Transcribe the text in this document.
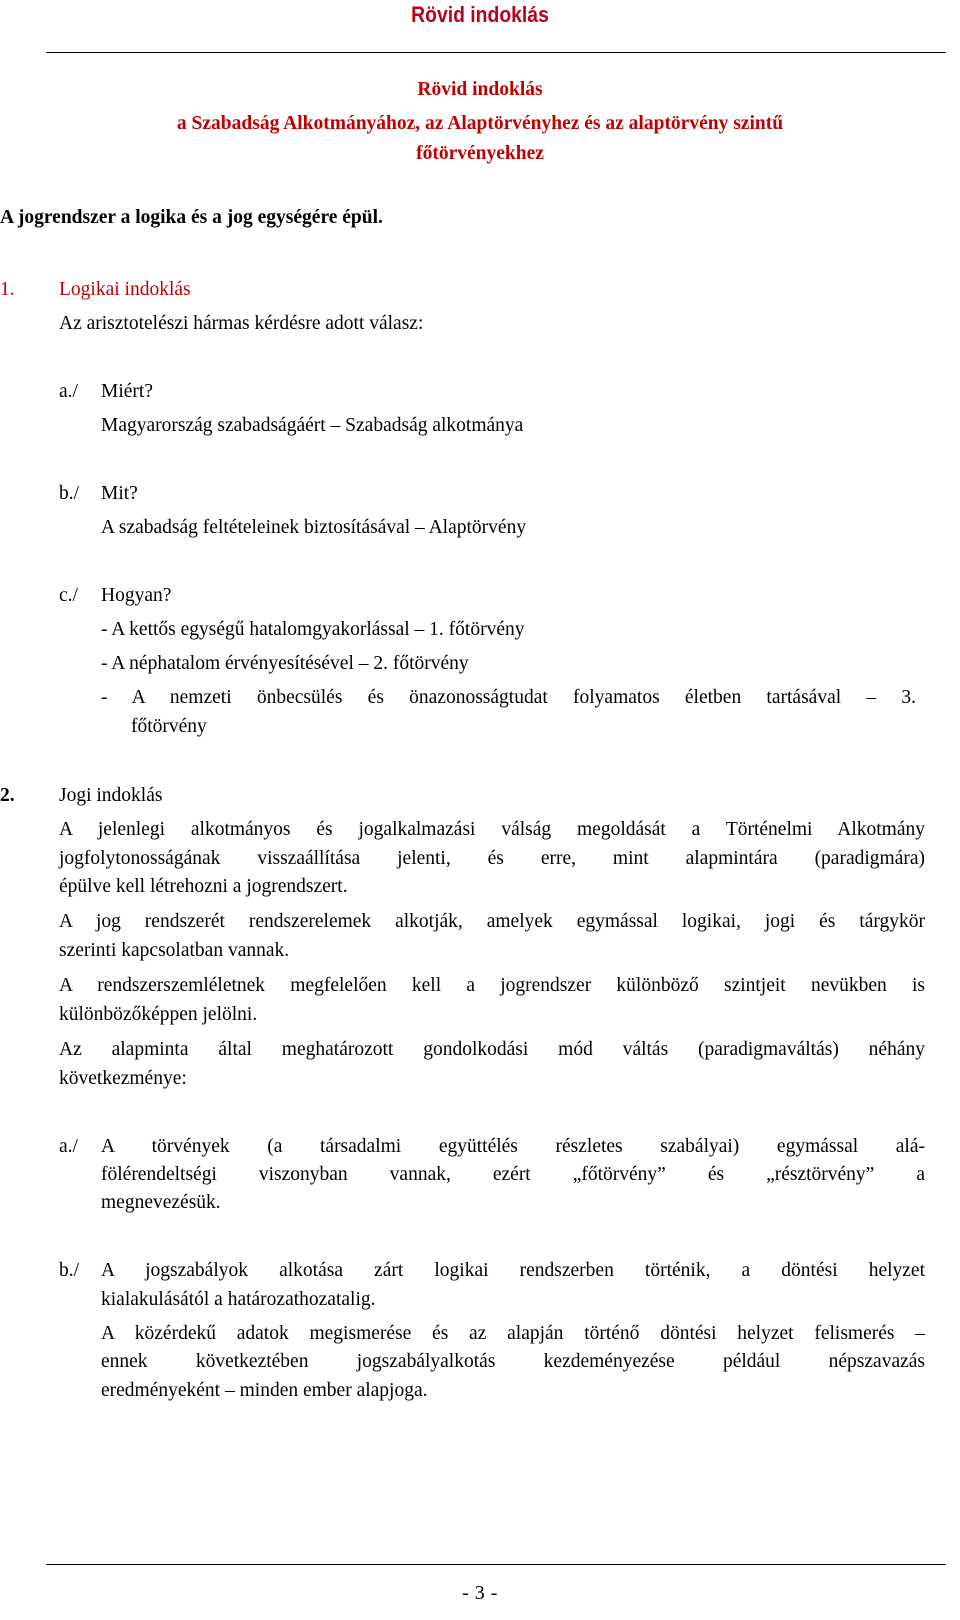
Rövid indoklás
Rövid indoklás
a Szabadság Alkotmányához, az Alaptörvényhez és az alaptörvény szintű
főtörvényekhez
A jogrendszer a logika és a jog egységére épül.
1. Logikai indoklás
Az arisztotelészi hármas kérdésre adott válasz:
a./ Miért?
Magyarország szabadságáért – Szabadság alkotmánya
b./ Mit?
A szabadság feltételeinek biztosításával – Alaptörvény
c./ Hogyan?
- A kettős egységű hatalomgyakorlással – 1. főtörvény
- A néphatalom érvényesítésével – 2. főtörvény
- A nemzeti önbecsülés és önazonosságtudat folyamatos életben tartásával – 3.
főtörvény
2. Jogi indoklás
A jelenlegi alkotmányos és jogalkalmazási válság megoldását a Történelmi Alkotmány
jogfolytonosságának visszaállítása jelenti, és erre, mint alapmintára (paradigmára)
épülve kell létrehozni a jogrendszert.
A jog rendszerét rendszerelemek alkotják, amelyek egymással logikai, jogi és tárgykör
szerinti kapcsolatban vannak.
A rendszerszemléletnek megfelelően kell a jogrendszer különböző szintjeit nevükben is
különbözőképpen jelölni.
Az alapminta által meghatározott gondolkodási mód váltás (paradigmaváltás) néhány
következménye:
a./ A törvények (a társadalmi együttélés részletes szabályai) egymással alá-
fölérendeltségi viszonyban vannak, ezért „főtörvény” és „résztörvény” a
megnevezésük.
b./ A jogszabályok alkotása zárt logikai rendszerben történik, a döntési helyzet
kialakulásától a határozathozatalig.
A közérdekű adatok megismerése és az alapján történő döntési helyzet felismerés –
ennek következtében jogszabályalkotás kezdeményezése például népszavazás
eredményeként – minden ember alapjoga.
- 3 -
